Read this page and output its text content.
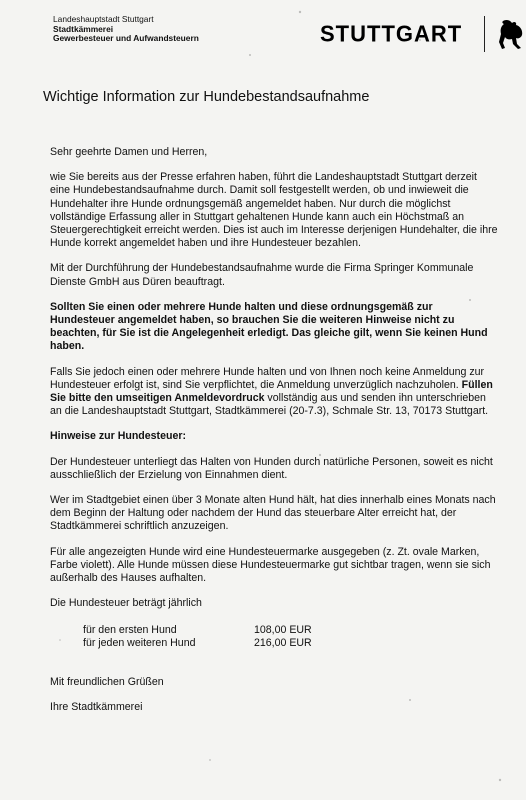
Landeshauptstadt Stuttgart
Stadtkämmerei
Gewerbesteuer und Aufwandsteuern	STUTTGART
Wichtige Information zur Hundebestandsaufnahme

Sehr geehrte Damen und Herren,

wie Sie bereits aus der Presse erfahren haben, führt die Landeshauptstadt Stuttgart derzeit eine Hundebestandsaufnahme durch. Damit soll festgestellt werden, ob und inwieweit die Hundehalter ihre Hunde ordnungsgemäß angemeldet haben. Nur durch die möglichst vollständige Erfassung aller in Stuttgart gehaltenen Hunde kann auch ein Höchstmaß an Steuergerechtigkeit erreicht werden. Dies ist auch im Interesse derjenigen Hundehalter, die ihre Hunde korrekt angemeldet haben und ihre Hundesteuer bezahlen.

Mit der Durchführung der Hundebestandsaufnahme wurde die Firma Springer Kommunale Dienste GmbH aus Düren beauftragt.

Sollten Sie einen oder mehrere Hunde halten und diese ordnungsgemäß zur Hundesteuer angemeldet haben, so brauchen Sie die weiteren Hinweise nicht zu beachten, für Sie ist die Angelegenheit erledigt. Das gleiche gilt, wenn Sie keinen Hund haben.

Falls Sie jedoch einen oder mehrere Hunde halten und von Ihnen noch keine Anmeldung zur Hundesteuer erfolgt ist, sind Sie verpflichtet, die Anmeldung unverzüglich nachzuholen. Füllen Sie bitte den umseitigen Anmeldevordruck vollständig aus und senden ihn unterschrieben an die Landeshauptstadt Stuttgart, Stadtkämmerei (20-7.3), Schmale Str. 13, 70173 Stuttgart.

Hinweise zur Hundesteuer:

Der Hundesteuer unterliegt das Halten von Hunden durch natürliche Personen, soweit es nicht ausschließlich der Erzielung von Einnahmen dient.

Wer im Stadtgebiet einen über 3 Monate alten Hund hält, hat dies innerhalb eines Monats nach dem Beginn der Haltung oder nachdem der Hund das steuerbare Alter erreicht hat, der Stadtkämmerei schriftlich anzuzeigen.

Für alle angezeigten Hunde wird eine Hundesteuermarke ausgegeben (z. Zt. ovale Marken, Farbe violett). Alle Hunde müssen diese Hundesteuermarke gut sichtbar tragen, wenn sie sich außerhalb des Hauses aufhalten.

Die Hundesteuer beträgt jährlich

für den ersten Hund	108,00 EUR
für jeden weiteren Hund	216,00 EUR

Mit freundlichen Grüßen

Ihre Stadtkämmerei
